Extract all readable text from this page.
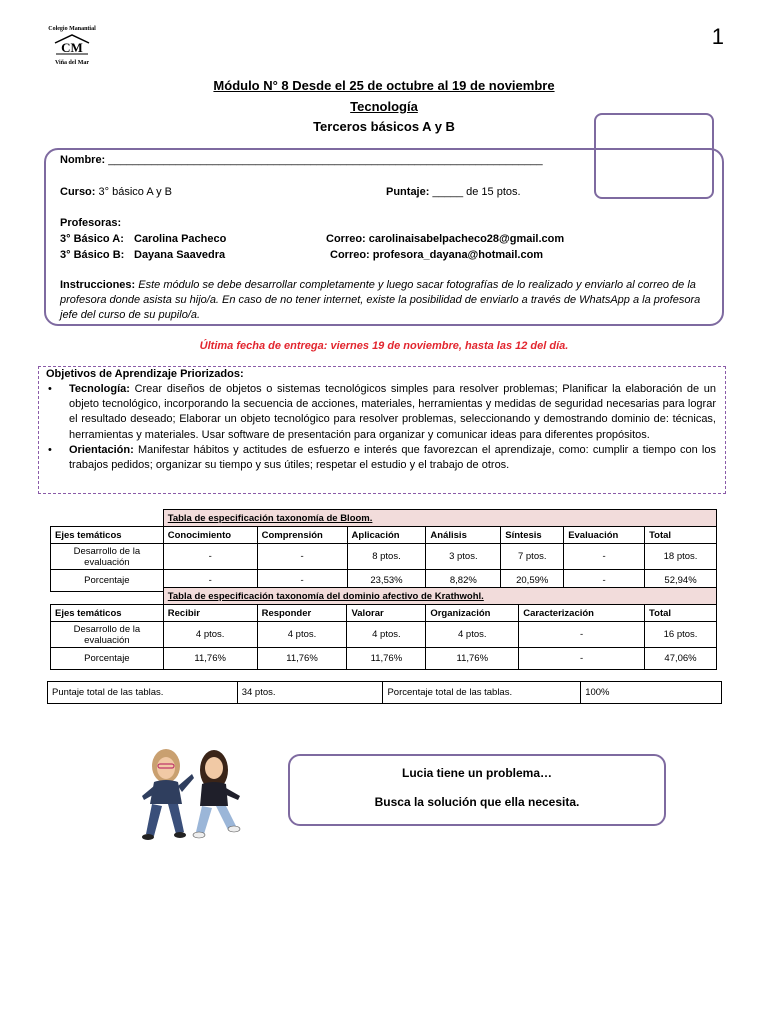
Colegio Manantial
CM
Viña del Mar
1
Módulo N° 8 Desde el 25 de octubre al 19 de noviembre
Tecnología
Terceros básicos A y B
Nombre: _______________________________________________________________________
Curso: 3° básico A y B	Puntaje: _____ de 15 ptos.
Profesoras:
3° Básico A: Carolina Pacheco	Correo: carolinaisabelpacheco28@gmail.com
3° Básico B: Dayana Saavedra	Correo: profesora_dayana@hotmail.com
Instrucciones: Este módulo se debe desarrollar completamente y luego sacar fotografías de lo realizado y enviarlo al correo de la profesora donde asista su hijo/a. En caso de no tener internet, existe la posibilidad de enviarlo a través de WhatsApp a la profesora jefe del curso de su pupilo/a.
Última fecha de entrega: viernes 19 de noviembre, hasta las 12 del día.
Objetivos de Aprendizaje Priorizados:
• Tecnología: Crear diseños de objetos o sistemas tecnológicos simples para resolver problemas; Planificar la elaboración de un objeto tecnológico, incorporando la secuencia de acciones, materiales, herramientas y medidas de seguridad necesarias para lograr el resultado deseado; Elaborar un objeto tecnológico para resolver problemas, seleccionando y demostrando dominio de: técnicas, herramientas y materiales. Usar software de presentación para organizar y comunicar ideas para diferentes propósitos.
• Orientación: Manifestar hábitos y actitudes de esfuerzo e interés que favorezcan el aprendizaje, como: cumplir a tiempo con los trabajos pedidos; organizar su tiempo y sus útiles; respetar el estudio y el trabajo de otros.
	Tabla de especificación taxonomía de Bloom.						
Ejes temáticos	Conocimiento	Comprensión	Aplicación	Análisis	Síntesis	Evaluación	Total
Desarrollo de la evaluación	-	-	8 ptos.	3 ptos.	7 ptos.	-	18 ptos.
Porcentaje	-	-	23,53%	8,82%	20,59%	-	52,94%
	Tabla de especificación taxonomía del dominio afectivo de Krathwohl.					
Ejes temáticos	Recibir	Responder	Valorar	Organización	Caracterización	Total
Desarrollo de la evaluación	4 ptos.	4 ptos.	4 ptos.	4 ptos.	-	16 ptos.
Porcentaje	11,76%	11,76%	11,76%	11,76%	-	47,06%
Puntaje total de las tablas.	34 ptos.	Porcentaje total de las tablas.	100%
Lucia tiene un problema…
Busca la solución que ella necesita.
